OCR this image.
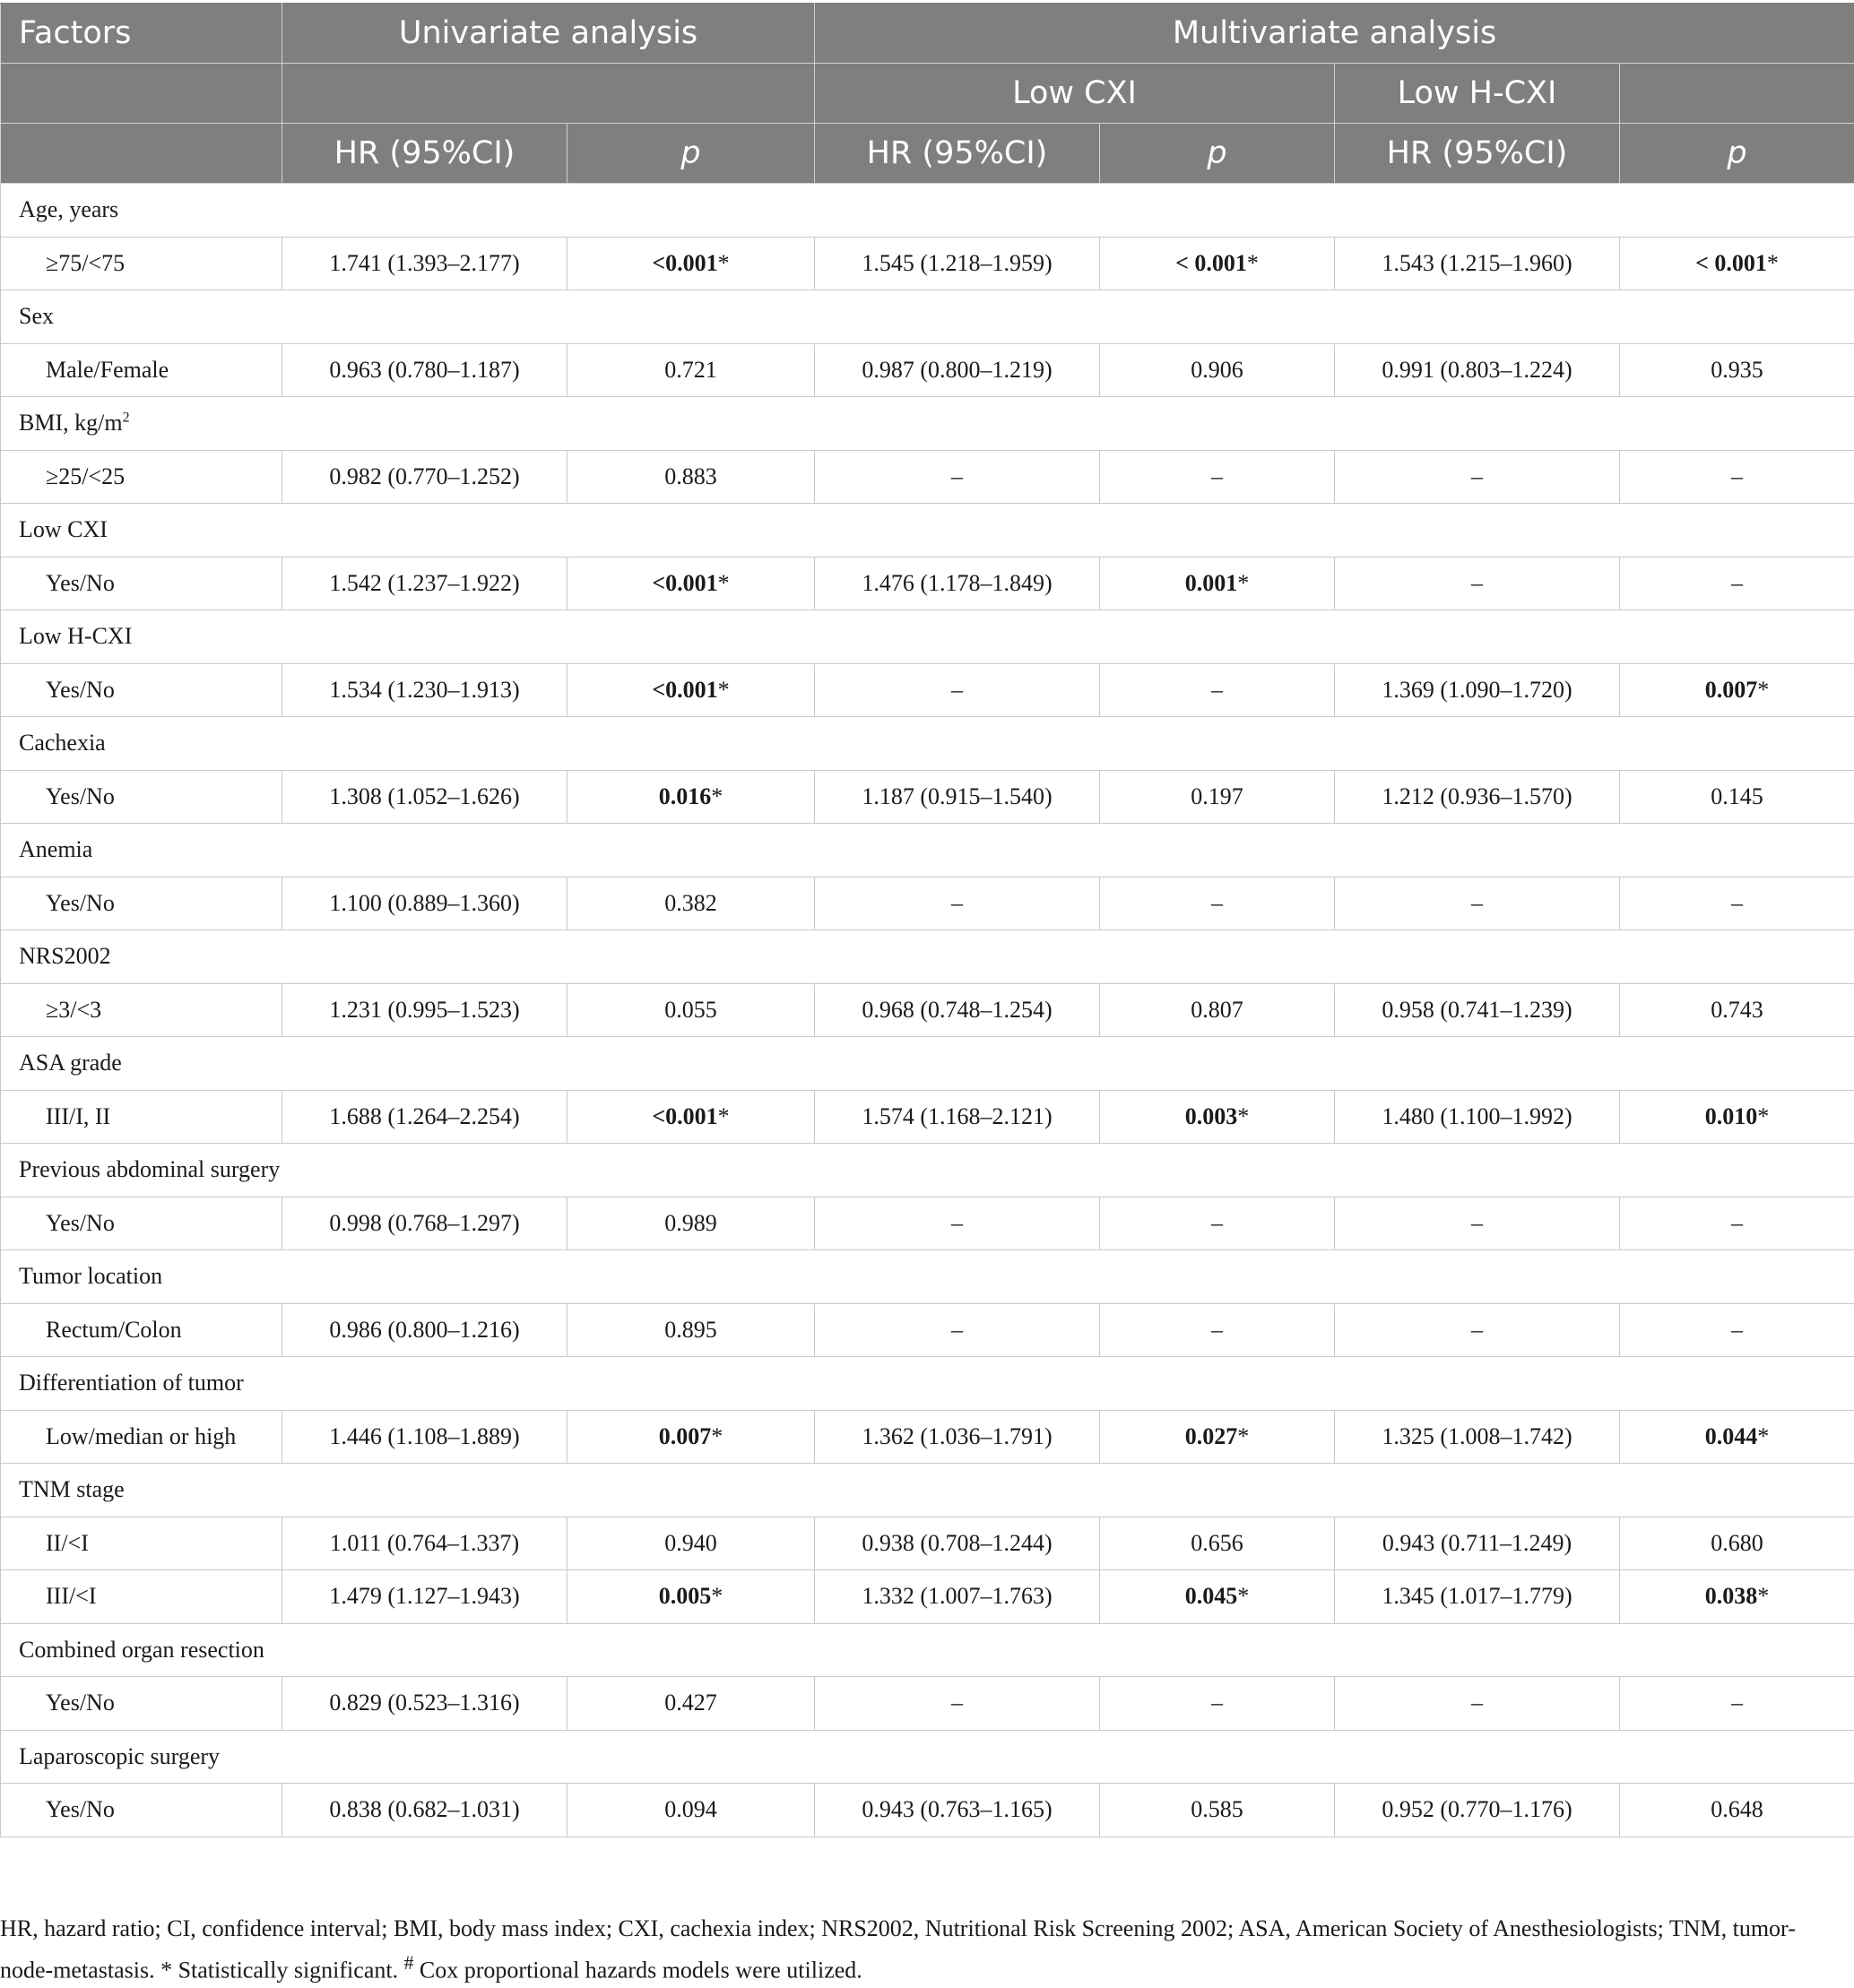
Factors	Univariate analysis		Multivariate analysis			
			Low CXI		Low H-CXI	
	HR (95%CI)	p	HR (95%CI)	p	HR (95%CI)	p
Age, years						
≥75/<75	1.741 (1.393–2.177)	<0.001*	1.545 (1.218–1.959)	< 0.001*	1.543 (1.215–1.960)	< 0.001*
Sex						
Male/Female	0.963 (0.780–1.187)	0.721	0.987 (0.800–1.219)	0.906	0.991 (0.803–1.224)	0.935
BMI, $kg/m^2$
≥25/<25	0.982 (0.770–1.252)	0.883	–	–	–	–
Low CXI						
Yes/No	1.542 (1.237–1.922)	<0.001*	1.476 (1.178–1.849)	0.001*	–	–
Low H-CXI						
Yes/No	1.534 (1.230–1.913)	<0.001*	–	–	1.369 (1.090–1.720)	0.007*
Cachexia						
Yes/No	1.308 (1.052–1.626)	0.016*	1.187 (0.915–1.540)	0.197	1.212 (0.936–1.570)	0.145
Anemia						
Yes/No	1.100 (0.889–1.360)	0.382	–	–	–	–
NRS2002						
≥3/<3	1.231 (0.995–1.523)	0.055	0.968 (0.748–1.254)	0.807	0.958 (0.741–1.239)	0.743
ASA grade						
III/I, II	1.688 (1.264–2.254)	<0.001*	1.574 (1.168–2.121)	0.003*	1.480 (1.100–1.992)	0.010*
Previous abdominal surgery						
Yes/No	0.998 (0.768–1.297)	0.989	–	–	–	–
Tumor location						
Rectum/Colon	0.986 (0.800–1.216)	0.895	–	–	–	–
Differentiation of tumor						
Low/median or high	1.446 (1.108–1.889)	0.007*	1.362 (1.036–1.791)	0.027*	1.325 (1.008–1.742)	0.044*
TNM stage						
II/<I	1.011 (0.764–1.337)	0.940	0.938 (0.708–1.244)	0.656	0.943 (0.711–1.249)	0.680
III/<I	1.479 (1.127–1.943)	0.005*	1.332 (1.007–1.763)	0.045*	1.345 (1.017–1.779)	0.038*
Combined organ resection						
Yes/No	0.829 (0.523–1.316)	0.427	–	–	–	–
Laparoscopic surgery						
Yes/No	0.838 (0.682–1.031)	0.094	0.943 (0.763–1.165)	0.585	0.952 (0.770–1.176)	0.648

HR, hazard ratio; CI, confidence interval; BMI, body mass index; CXI, cachexia index; NRS2002, Nutritional Risk Screening 2002; ASA, American Society of Anesthesiologists; TNM, tumor-

node-metastasis. * Statistically significant. # Cox proportional hazards models were utilized.
